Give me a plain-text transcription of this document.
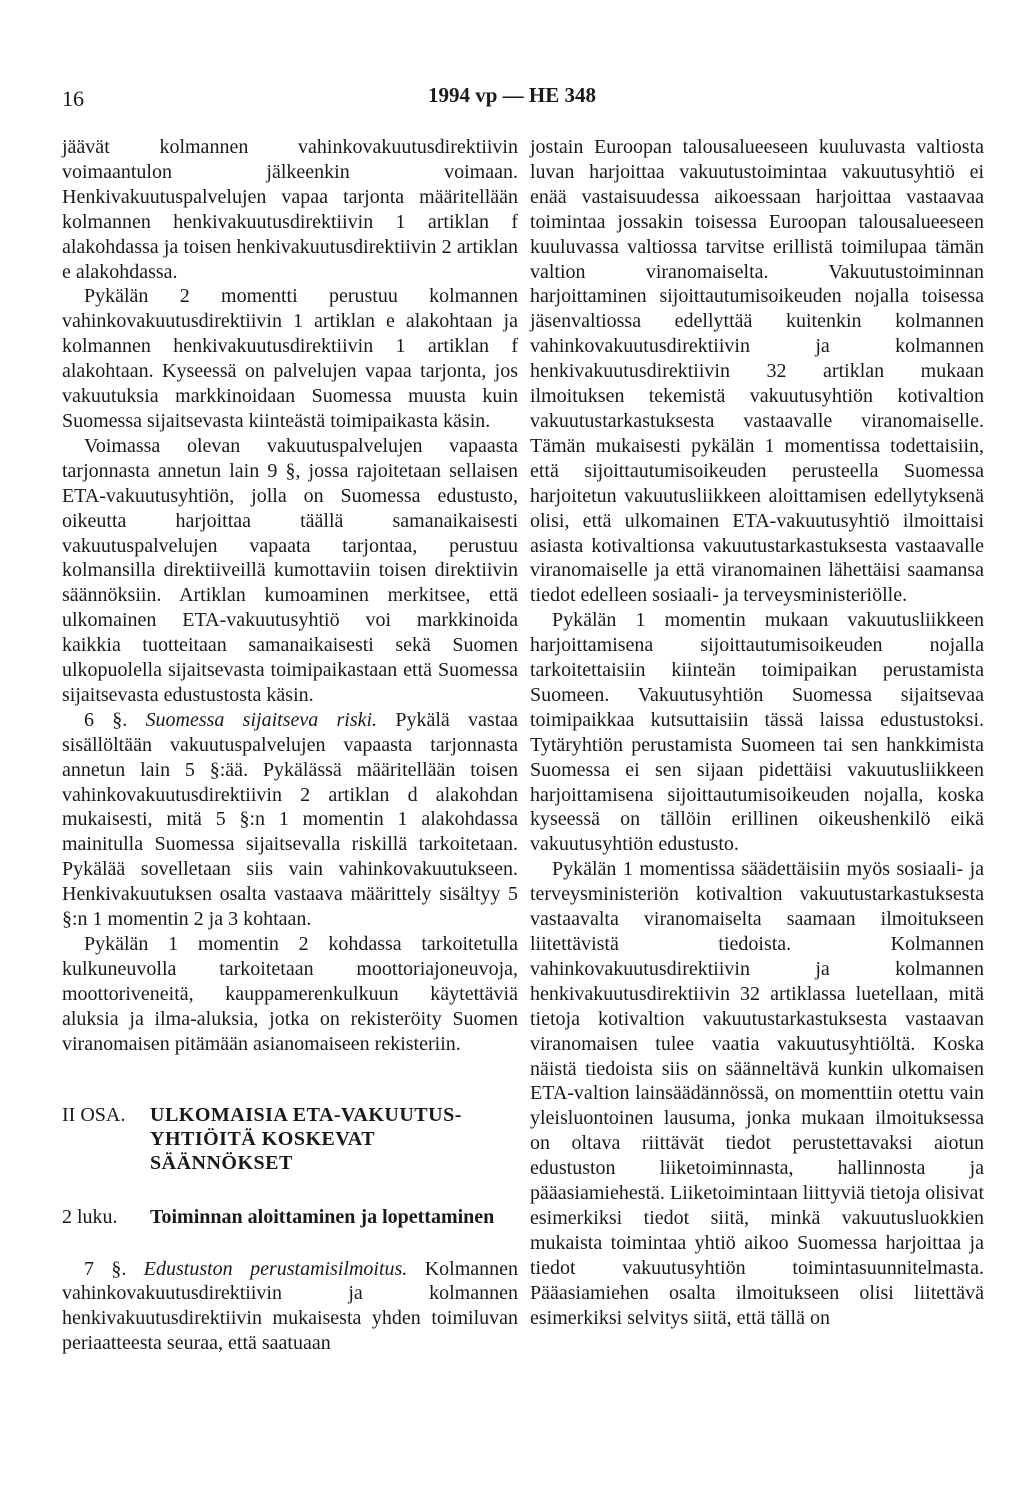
16	1994 vp — HE 348

jäävät kolmannen vahinkovakuutusdirektiivin voimaantulon jälkeenkin voimaan. Henkivakuutuspalvelujen vapaa tarjonta määritellään kolmannen henkivakuutusdirektiivin 1 artiklan f alakohdassa ja toisen henkivakuutusdirektiivin 2 artiklan e alakohdassa.

Pykälän 2 momentti perustuu kolmannen vahinkovakuutusdirektiivin 1 artiklan e alakohtaan ja kolmannen henkivakuutusdirektiivin 1 artiklan f alakohtaan. Kyseessä on palvelujen vapaa tarjonta, jos vakuutuksia markkinoidaan Suomessa muusta kuin Suomessa sijaitsevasta kiinteästä toimipaikasta käsin.

Voimassa olevan vakuutuspalvelujen vapaasta tarjonnasta annetun lain 9 §, jossa rajoitetaan sellaisen ETA-vakuutusyhtiön, jolla on Suomessa edustusto, oikeutta harjoittaa täällä samanaikaisesti vakuutuspalvelujen vapaata tarjontaa, perustuu kolmansilla direktiiveillä kumottaviin toisen direktiivin säännöksiin. Artiklan kumoaminen merkitsee, että ulkomainen ETA-vakuutusyhtiö voi markkinoida kaikkia tuotteitaan samanaikaisesti sekä Suomen ulkopuolella sijaitsevasta toimipaikastaan että Suomessa sijaitsevasta edustustosta käsin.

6 §. Suomessa sijaitseva riski. Pykälä vastaa sisällöltään vakuutuspalvelujen vapaasta tarjonnasta annetun lain 5 §:ää. Pykälässä määritellään toisen vahinkovakuutusdirektiivin 2 artiklan d alakohdan mukaisesti, mitä 5 §:n 1 momentin 1 alakohdassa mainitulla Suomessa sijaitsevalla riskillä tarkoitetaan. Pykälää sovelletaan siis vain vahinkovakuutukseen. Henkivakuutuksen osalta vastaava määrittely sisältyy 5 §:n 1 momentin 2 ja 3 kohtaan.

Pykälän 1 momentin 2 kohdassa tarkoitetulla kulkuneuvolla tarkoitetaan moottoriajoneuvoja, moottoriveneitä, kauppamerenkulkuun käytettäviä aluksia ja ilma-aluksia, jotka on rekisteröity Suomen viranomaisen pitämään asianomaiseen rekisteriin.

II OSA.	ULKOMAISIA ETA-VAKUUTUS-
YHTIÖITÄ KOSKEVAT
SÄÄNNÖKSET
2 luku. Toiminnan aloittaminen ja lopettaminen

7 §. Edustuston perustamisilmoitus. Kolmannen vahinkovakuutusdirektiivin ja kolmannen henkivakuutusdirektiivin mukaisesta yhden toimiluvan periaatteesta seuraa, että saatuaan

jostain Euroopan talousalueeseen kuuluvasta valtiosta luvan harjoittaa vakuutustoimintaa vakuutusyhtiö ei enää vastaisuudessa aikoessaan harjoittaa vastaavaa toimintaa jossakin toisessa Euroopan talousalueeseen kuuluvassa valtiossa tarvitse erillistä toimilupaa tämän valtion viranomaiselta. Vakuutustoiminnan harjoittaminen sijoittautumisoikeuden nojalla toisessa jäsenvaltiossa edellyttää kuitenkin kolmannen vahinkovakuutusdirektiivin ja kolmannen henkivakuutusdirektiivin 32 artiklan mukaan ilmoituksen tekemistä vakuutusyhtiön kotivaltion vakuutustarkastuksesta vastaavalle viranomaiselle. Tämän mukaisesti pykälän 1 momentissa todettaisiin, että sijoittautumisoikeuden perusteella Suomessa harjoitetun vakuutusliikkeen aloittamisen edellytyksenä olisi, että ulkomainen ETA-vakuutusyhtiö ilmoittaisi asiasta kotivaltionsa vakuutustarkastuksesta vastaavalle viranomaiselle ja että viranomainen lähettäisi saamansa tiedot edelleen sosiaali- ja terveysministeriölle.

Pykälän 1 momentin mukaan vakuutusliikkeen harjoittamisena sijoittautumisoikeuden nojalla tarkoitettaisiin kiinteän toimipaikan perustamista Suomeen. Vakuutusyhtiön Suomessa sijaitsevaa toimipaikkaa kutsuttaisiin tässä laissa edustustoksi. Tytäryhtiön perustamista Suomeen tai sen hankkimista Suomessa ei sen sijaan pidettäisi vakuutusliikkeen harjoittamisena sijoittautumisoikeuden nojalla, koska kyseessä on tällöin erillinen oikeushenkilö eikä vakuutusyhtiön edustusto.

Pykälän 1 momentissa säädettäisiin myös sosiaali- ja terveysministeriön kotivaltion vakuutustarkastuksesta vastaavalta viranomaiselta saamaan ilmoitukseen liitettävistä tiedoista. Kolmannen vahinkovakuutusdirektiivin ja kolmannen henkivakuutusdirektiivin 32 artiklassa luetellaan, mitä tietoja kotivaltion vakuutustarkastuksesta vastaavan viranomaisen tulee vaatia vakuutusyhtiöltä. Koska näistä tiedoista siis on säänneltävä kunkin ulkomaisen ETA-valtion lainsäädännössä, on momenttiin otettu vain yleisluontoinen lausuma, jonka mukaan ilmoituksessa on oltava riittävät tiedot perustettavaksi aiotun edustuston liiketoiminnasta, hallinnosta ja pääasiamiehestä. Liiketoimintaan liittyviä tietoja olisivat esimerkiksi tiedot siitä, minkä vakuutusluokkien mukaista toimintaa yhtiö aikoo Suomessa harjoittaa ja tiedot vakuutusyhtiön toimintasuunnitelmasta. Pääasiamiehen osalta ilmoitukseen olisi liitettävä esimerkiksi selvitys siitä, että tällä on
